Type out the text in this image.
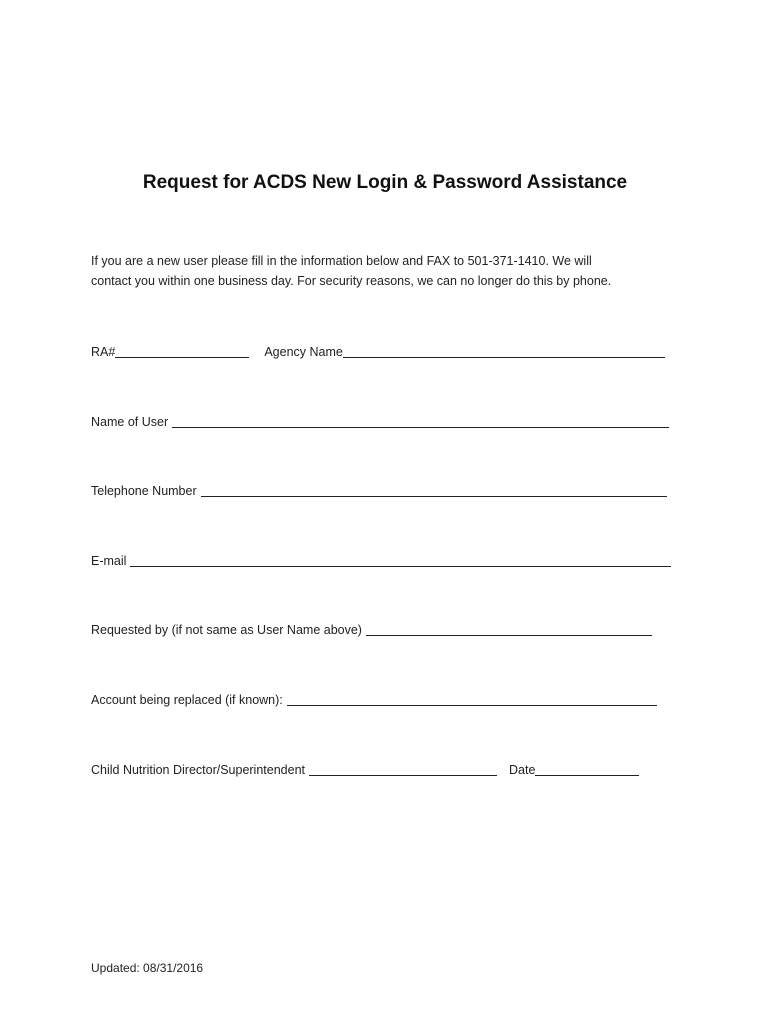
Request for ACDS New Login & Password Assistance
If you are a new user please fill in the information below and FAX to 501-371-1410. We will
contact you within one business day. For security reasons, we can no longer do this by phone.
RA#	Agency Name
Name of User
Telephone Number
E-mail
Requested by (if not same as User Name above)
Account being replaced (if known):
Child Nutrition Director/Superintendent	Date
Updated: 08/31/2016
